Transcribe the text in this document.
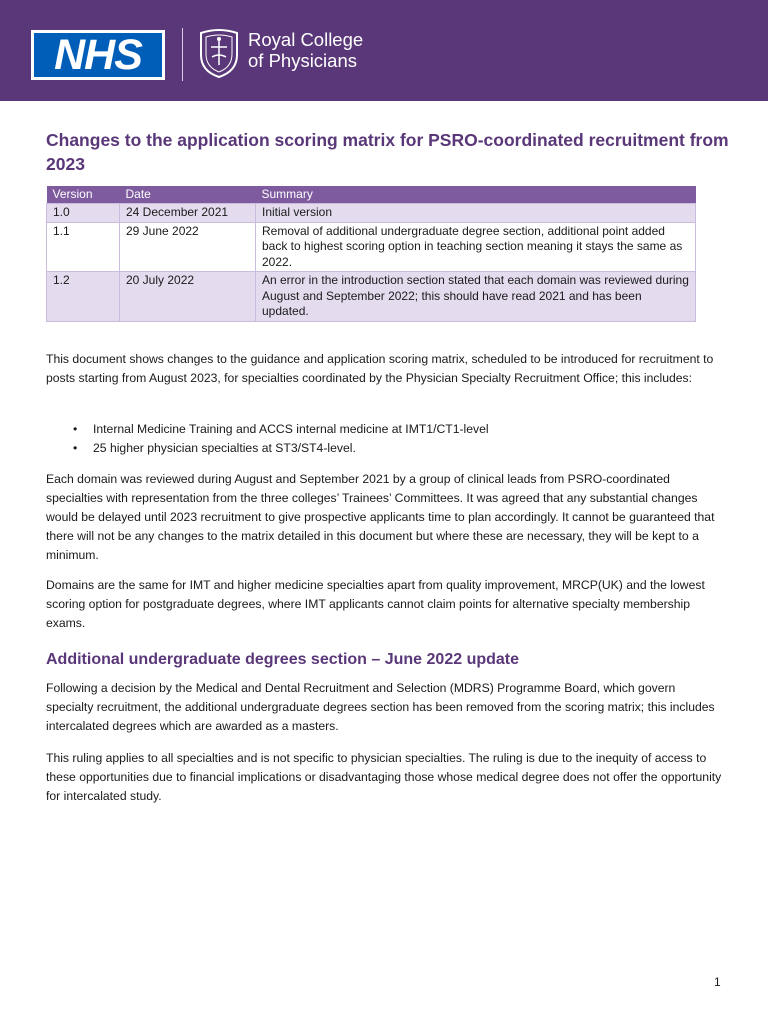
NHS	Royal College
of Physicians
Changes to the application scoring matrix for PSRO-coordinated recruitment from 2023
Version	Date	Summary
1.0	24 December 2021	Initial version
1.1	29 June 2022	Removal of additional undergraduate degree section, additional point added back to highest scoring option in teaching section meaning it stays the same as 2022.
1.2	20 July 2022	An error in the introduction section stated that each domain was reviewed during August and September 2022; this should have read 2021 and has been updated.

This document shows changes to the guidance and application scoring matrix, scheduled to be introduced for recruitment to posts starting from August 2023, for specialties coordinated by the Physician Specialty Recruitment Office; this includes:

• Internal Medicine Training and ACCS internal medicine at IMT1/CT1-level
• 25 higher physician specialties at ST3/ST4-level.

Each domain was reviewed during August and September 2021 by a group of clinical leads from PSRO-coordinated specialties with representation from the three colleges’ Trainees’ Committees. It was agreed that any substantial changes would be delayed until 2023 recruitment to give prospective applicants time to plan accordingly. It cannot be guaranteed that there will not be any changes to the matrix detailed in this document but where these are necessary, they will be kept to a minimum.

Domains are the same for IMT and higher medicine specialties apart from quality improvement, MRCP(UK) and the lowest scoring option for postgraduate degrees, where IMT applicants cannot claim points for alternative specialty membership exams.

Additional undergraduate degrees section – June 2022 update

Following a decision by the Medical and Dental Recruitment and Selection (MDRS) Programme Board, which govern specialty recruitment, the additional undergraduate degrees section has been removed from the scoring matrix; this includes intercalated degrees which are awarded as a masters.

This ruling applies to all specialties and is not specific to physician specialties. The ruling is due to the inequity of access to these opportunities due to financial implications or disadvantaging those whose medical degree does not offer the opportunity for intercalated study.

1
